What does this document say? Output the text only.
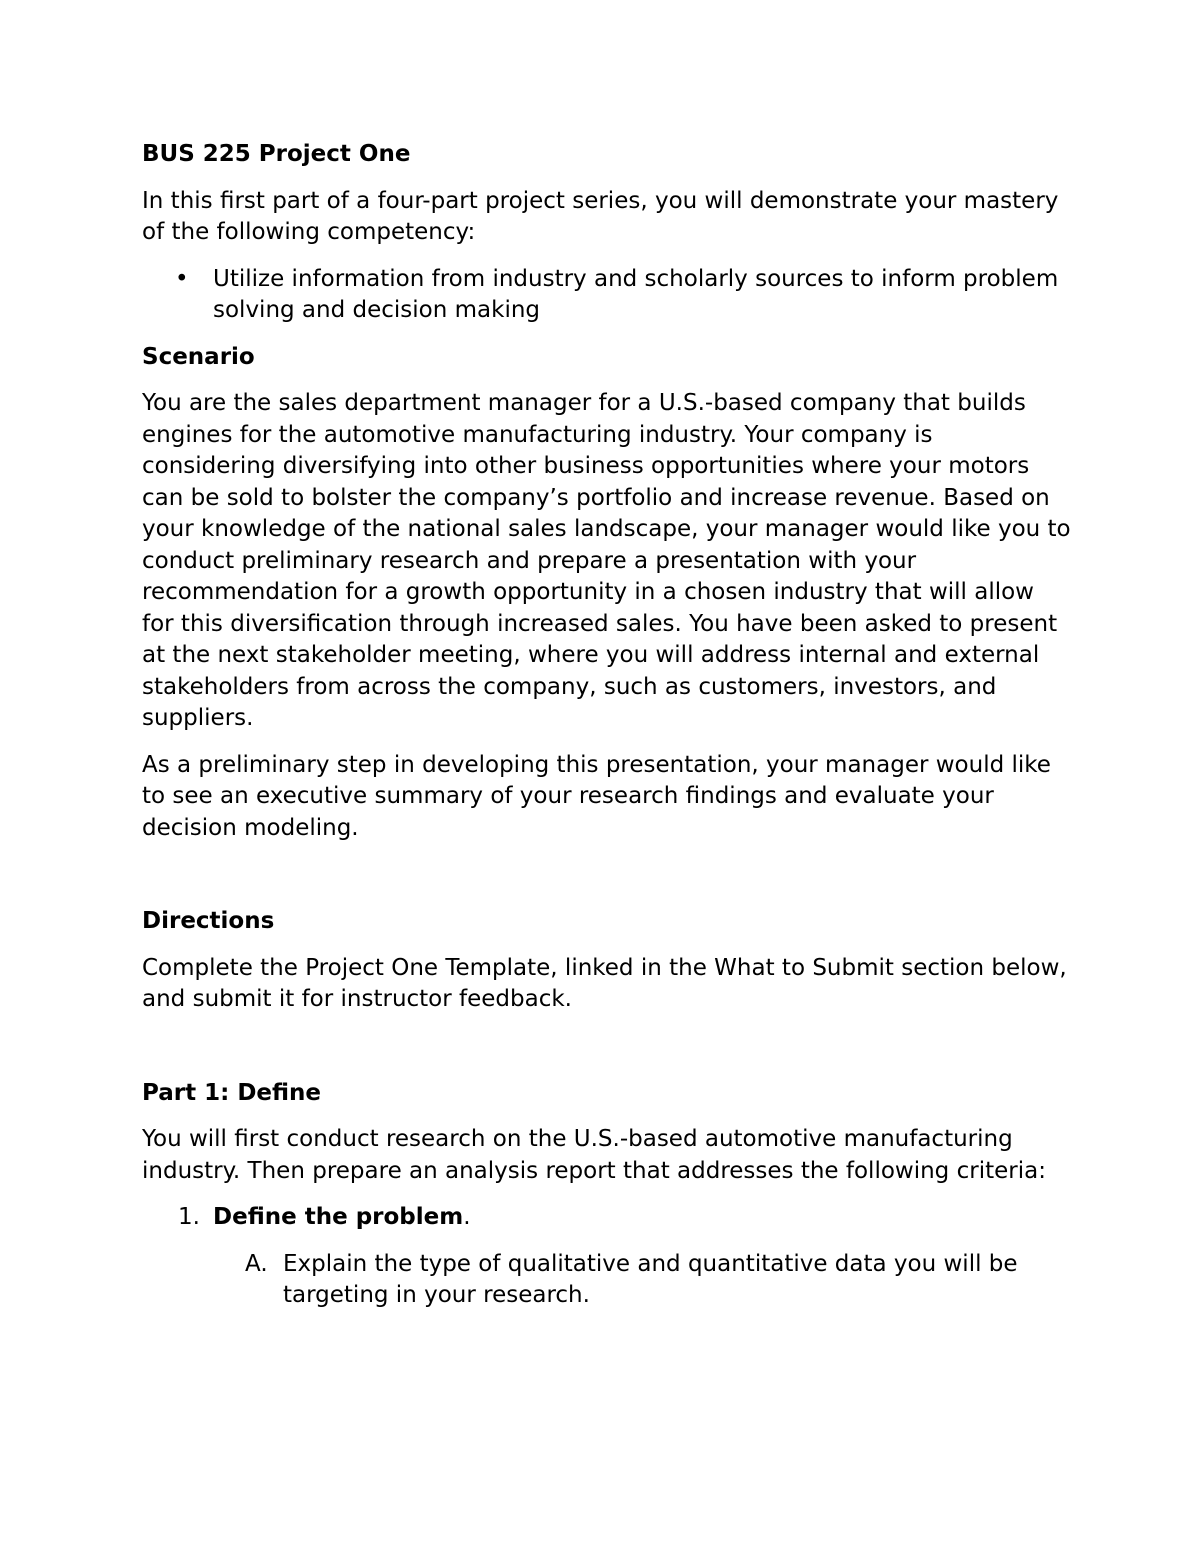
BUS 225 Project One

In this first part of a four-part project series, you will demonstrate your mastery of the following competency:

• Utilize information from industry and scholarly sources to inform problem solving and decision making

Scenario

You are the sales department manager for a U.S.-based company that builds engines for the automotive manufacturing industry. Your company is considering diversifying into other business opportunities where your motors can be sold to bolster the company’s portfolio and increase revenue. Based on your knowledge of the national sales landscape, your manager would like you to conduct preliminary research and prepare a presentation with your recommendation for a growth opportunity in a chosen industry that will allow for this diversification through increased sales. You have been asked to present at the next stakeholder meeting, where you will address internal and external stakeholders from across the company, such as customers, investors, and suppliers.

As a preliminary step in developing this presentation, your manager would like to see an executive summary of your research findings and evaluate your decision modeling.

Directions

Complete the Project One Template, linked in the What to Submit section below, and submit it for instructor feedback.

Part 1: Define

You will first conduct research on the U.S.-based automotive manufacturing industry. Then prepare an analysis report that addresses the following criteria:

1. Define the problem.
A. Explain the type of qualitative and quantitative data you will be targeting in your research.
